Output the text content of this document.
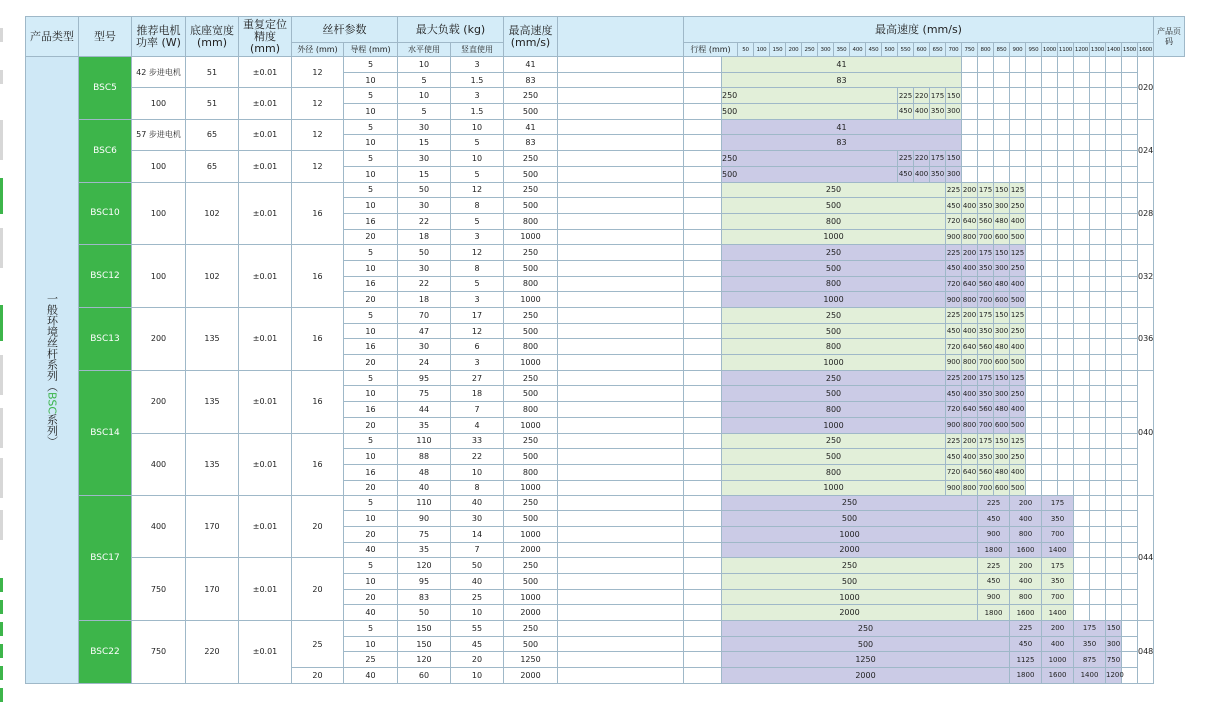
产品类型	型号	推荐电机功率 (W)	底座宽度 (mm)	重复定位精度 (mm)	丝杆参数		最大负载 (kg)		最高速度 (mm/s)		最高速度 (mm/s)																												产品页码
					外径 (mm)	导程 (mm)	水平使用	竖直使用			行程 (mm)		50	100	150	200	250	300	350	400	450	500	550	600	650	700	750	800	850	900	950	1000	1100	1200	1300	1400	1500	1600	
一般环境丝杆系列（BSC系列）	BSC5	42 步进电机	51	±0.01	12	5	10	3	41			41																										020	
						10	5	1.5	83			83																											
		100	51	±0.01	12	5	10	3	250			250											225	220	175	150													
						10	5	1.5	500			500											450	400	350	300													
	BSC6	57 步进电机	65	±0.01	12	5	30	10	41			41																										024	
						10	15	5	83			83																											
		100	65	±0.01	12	5	30	10	250			250											225	220	175	150													
						10	15	5	500			500											450	400	350	300													
	BSC10	100	102	±0.01	16	5	50	12	250			250														225	200	175	150	125								028	
						10	30	8	500			500														450	400	350	300	250									
						16	22	5	800			800														720	640	560	480	400									
						20	18	3	1000			1000														900	800	700	600	500									
	BSC12	100	102	±0.01	16	5	50	12	250			250														225	200	175	150	125								032	
						10	30	8	500			500														450	400	350	300	250									
						16	22	5	800			800														720	640	560	480	400									
						20	18	3	1000			1000														900	800	700	600	500									
	BSC13	200	135	±0.01	16	5	70	17	250			250														225	200	175	150	125								036	
						10	47	12	500			500														450	400	350	300	250									
						16	30	6	800			800														720	640	560	480	400									
						20	24	3	1000			1000														900	800	700	600	500									
	BSC14	200	135	±0.01	16	5	95	27	250			250														225	200	175	150	125								040	
						10	75	18	500			500														450	400	350	300	250									
						16	44	7	800			800														720	640	560	480	400									
						20	35	4	1000			1000														900	800	700	600	500									
		400	135	±0.01	16	5	110	33	250			250														225	200	175	150	125									
						10	88	22	500			500														450	400	350	300	250									
						16	48	10	800			800														720	640	560	480	400									
						20	40	8	1000			1000														900	800	700	600	500									
	BSC17	400	170	±0.01	20	5	110	40	250			250																225		200		175						044	
						10	90	30	500			500																450		400		350							
						20	75	14	1000			1000																900		800		700							
						40	35	7	2000			2000																1800		1600		1400							
		750	170	±0.01	20	5	120	50	250			250																225		200		175							
						10	95	40	500			500																450		400		350							
						20	83	25	1000			1000																900		800		700							
						40	50	10	2000			2000																1800		1600		1400							
	BSC22	750	220	±0.01	25	5	150	55	250			250																		225		200		175		150		048	
						10	150	45	500			500																		450		400		350		300			
						25	120	20	1250			1250																		1125		1000		875		750			
					20	40	60	10	2000			2000																		1800		1600		1400		1200			
